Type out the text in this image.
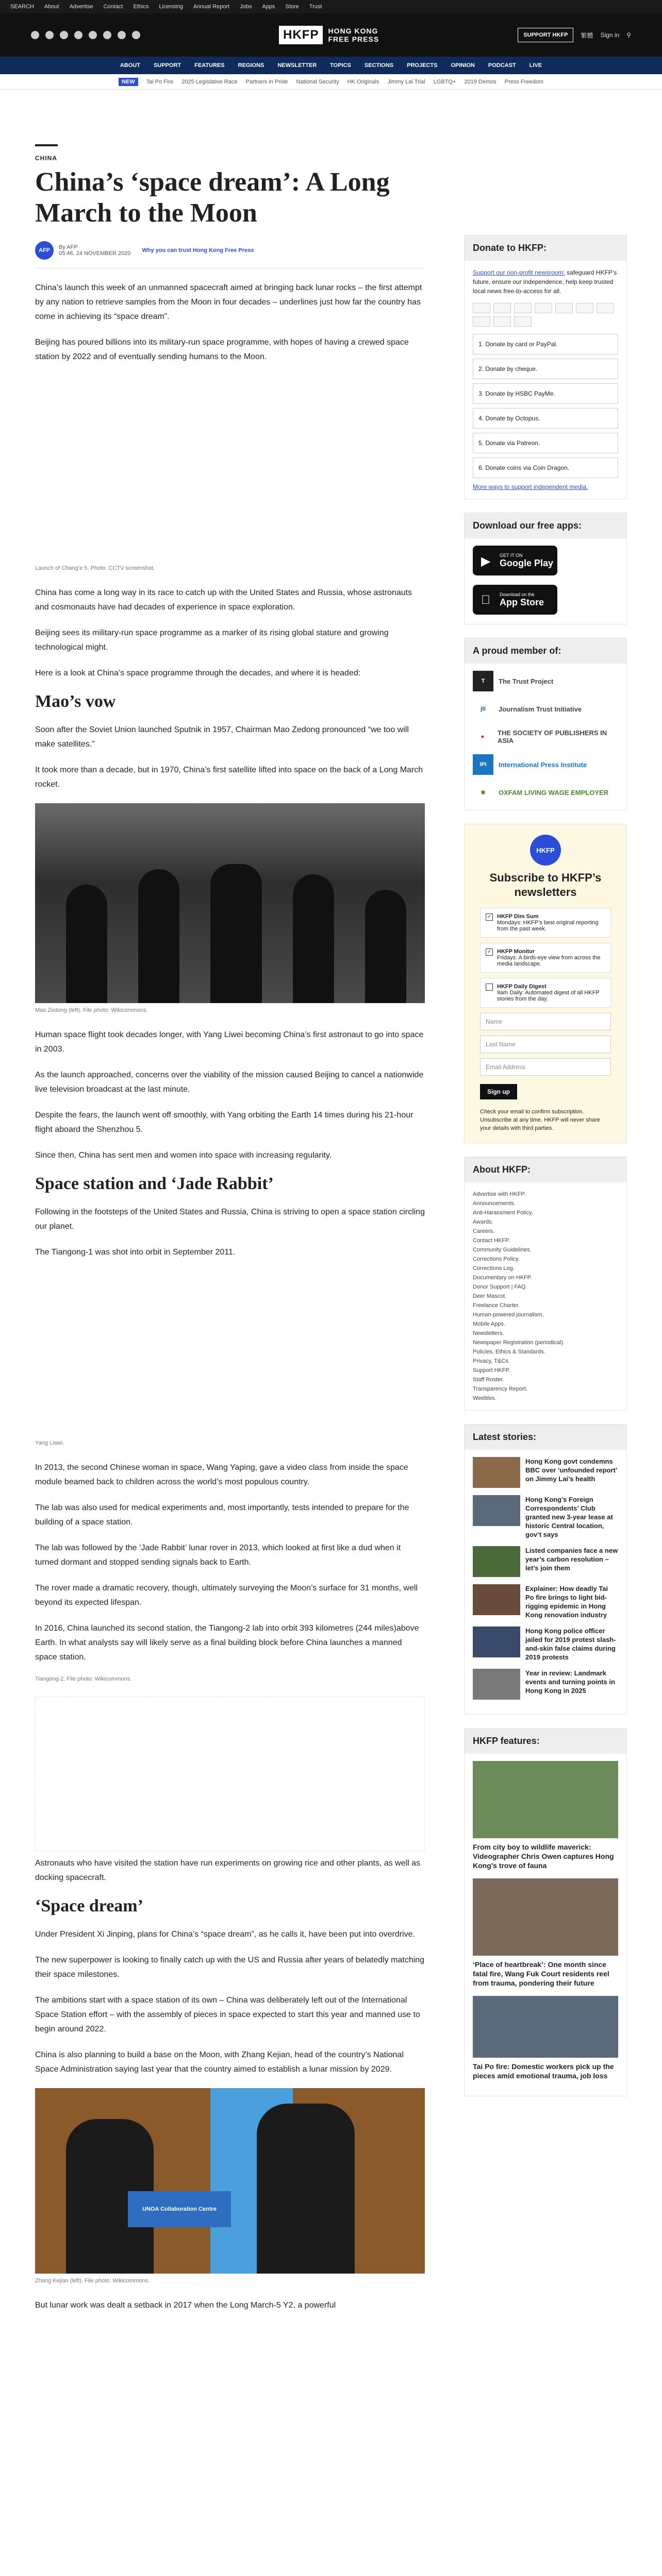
SEARCH About Advertise Contact Ethics Licensing Annual Report Jobs Apps Store Trust
HKFP	HONG KONG
FREE PRESS	SUPPORT HKFP	繁體 Sign in ⚲
ABOUT SUPPORT FEATURES REGIONS NEWSLETTER TOPICS SECTIONS PROJECTS OPINION PODCAST LIVE
NEW	Tai Po Fire 2025 Legislative Race Partners in Pride National Security HK Originals Jimmy Lai Trial LGBTQ+ 2019 Demos Press Freedom
CHINA
China’s ‘space dream’: A Long March to the Moon
AFP	By AFP
05:46, 24 NOVEMBER 2020 Why you can trust Hong Kong Free Press

China’s launch this week of an unmanned spacecraft aimed at bringing back lunar rocks – the first attempt by any nation to retrieve samples from the Moon in four decades – underlines just how far the country has come in achieving its “space dream”.

Beijing has poured billions into its military-run space programme, with hopes of having a crewed space station by 2022 and of eventually sending humans to the Moon.

Launch of Chang’e 5. Photo: CCTV screenshot.

China has come a long way in its race to catch up with the United States and Russia, whose astronauts and cosmonauts have had decades of experience in space exploration.

Beijing sees its military-run space programme as a marker of its rising global stature and growing technological might.

Here is a look at China’s space programme through the decades, and where it is headed:

Mao’s vow

Soon after the Soviet Union launched Sputnik in 1957, Chairman Mao Zedong pronounced “we too will make satellites.”

It took more than a decade, but in 1970, China’s first satellite lifted into space on the back of a Long March rocket.

Mao Zedong (left). File photo: Wikicommons.

Human space flight took decades longer, with Yang Liwei becoming China’s first astronaut to go into space in 2003.

As the launch approached, concerns over the viability of the mission caused Beijing to cancel a nationwide live television broadcast at the last minute.

Despite the fears, the launch went off smoothly, with Yang orbiting the Earth 14 times during his 21-hour flight aboard the Shenzhou 5.

Since then, China has sent men and women into space with increasing regularity.

Space station and ‘Jade Rabbit’

Following in the footsteps of the United States and Russia, China is striving to open a space station circling our planet.

The Tiangong-1 was shot into orbit in September 2011.

Yang Liwei.

In 2013, the second Chinese woman in space, Wang Yaping, gave a video class from inside the space module beamed back to children across the world’s most populous country.

The lab was also used for medical experiments and, most importantly, tests intended to prepare for the building of a space station.

The lab was followed by the ‘Jade Rabbit’ lunar rover in 2013, which looked at first like a dud when it turned dormant and stopped sending signals back to Earth.

The rover made a dramatic recovery, though, ultimately surveying the Moon’s surface for 31 months, well beyond its expected lifespan.

In 2016, China launched its second station, the Tiangong-2 lab into orbit 393 kilometres (244 miles)above Earth. In what analysts say will likely serve as a final building block before China launches a manned space station.

Tiangong-2. File photo: Wikicommons.

Astronauts who have visited the station have run experiments on growing rice and other plants, as well as docking spacecraft.

‘Space dream’

Under President Xi Jinping, plans for China’s “space dream”, as he calls it, have been put into overdrive.

The new superpower is looking to finally catch up with the US and Russia after years of belatedly matching their space milestones.

The ambitions start with a space station of its own – China was deliberately left out of the International Space Station effort – with the assembly of pieces in space expected to start this year and manned use to begin around 2022.

China is also planning to build a base on the Moon, with Zhang Kejian, head of the country’s National Space Administration saying last year that the country aimed to establish a lunar mission by 2029.

UNOA Collaboration Centre
Zhang Kejian (left). File photo: Wikicommons.

But lunar work was dealt a setback in 2017 when the Long March-5 Y2, a powerful

Donate to HKFP:
Support our non-profit newsroom: safeguard HKFP’s future, ensure our independence, help keep trusted local news free-to-access for all.
1. Donate by card or PayPal.
2. Donate by cheque.
3. Donate by HSBC PayMe.
4. Donate by Octopus.
5. Donate via Patreon.
6. Donate coins via Coin Dragon.
More ways to support independent media.
Download our free apps:
▶ GET IT ON
Google Play
Download on the
App Store
A proud member of:
T	The Trust Project
jti	Journalism Trust Initiative
●	THE SOCIETY OF PUBLISHERS IN ASIA
IPI	International Press Institute
✱	OXFAM LIVING WAGE EMPLOYER
HKFP
Subscribe to HKFP’s newsletters
✓ HKFP Dim Sum
Mondays: HKFP’s best original reporting from the past week.
✓ HKFP Monitor
Fridays: A birds-eye view from across the media landscape.
HKFP Daily Digest
9am Daily: Automated digest of all HKFP stories from the day.
Name
Last Name
Email Address
Sign up
Check your email to confirm subscription. Unsubscribe at any time. HKFP will never share your details with third parties.
About HKFP:
Advertise with HKFP.
Announcements.
Anti-Harassment Policy.
Awards.
Careers.
Contact HKFP.
Community Guidelines.
Corrections Policy.
Corrections Log.
Documentary on HKFP.
Donor Support | FAQ.
Deer Mascot.
Freelance Charter.
Human-powered journalism.
Mobile Apps.
Newsletters.
Newspaper Registration (periodical).
Policies, Ethics & Standards.
Privacy, T&Cs.
Support HKFP.
Staff Roster.
Transparency Report.
Weebles.
Latest stories:
Hong Kong govt condemns BBC over ‘unfounded report’ on Jimmy Lai’s health
Hong Kong’s Foreign Correspondents’ Club granted new 3-year lease at historic Central location, gov’t says
Listed companies face a new year’s carbon resolution – let’s join them
Explainer: How deadly Tai Po fire brings to light bid-rigging epidemic in Hong Kong renovation industry
Hong Kong police officer jailed for 2019 protest slash-and-skin false claims during 2019 protests
Year in review: Landmark events and turning points in Hong Kong in 2025
HKFP features:
From city boy to wildlife maverick: Videographer Chris Owen captures Hong Kong’s trove of fauna
‘Place of heartbreak’: One month since fatal fire, Wang Fuk Court residents reel from trauma, pondering their future
Tai Po fire: Domestic workers pick up the pieces amid emotional trauma, job loss
